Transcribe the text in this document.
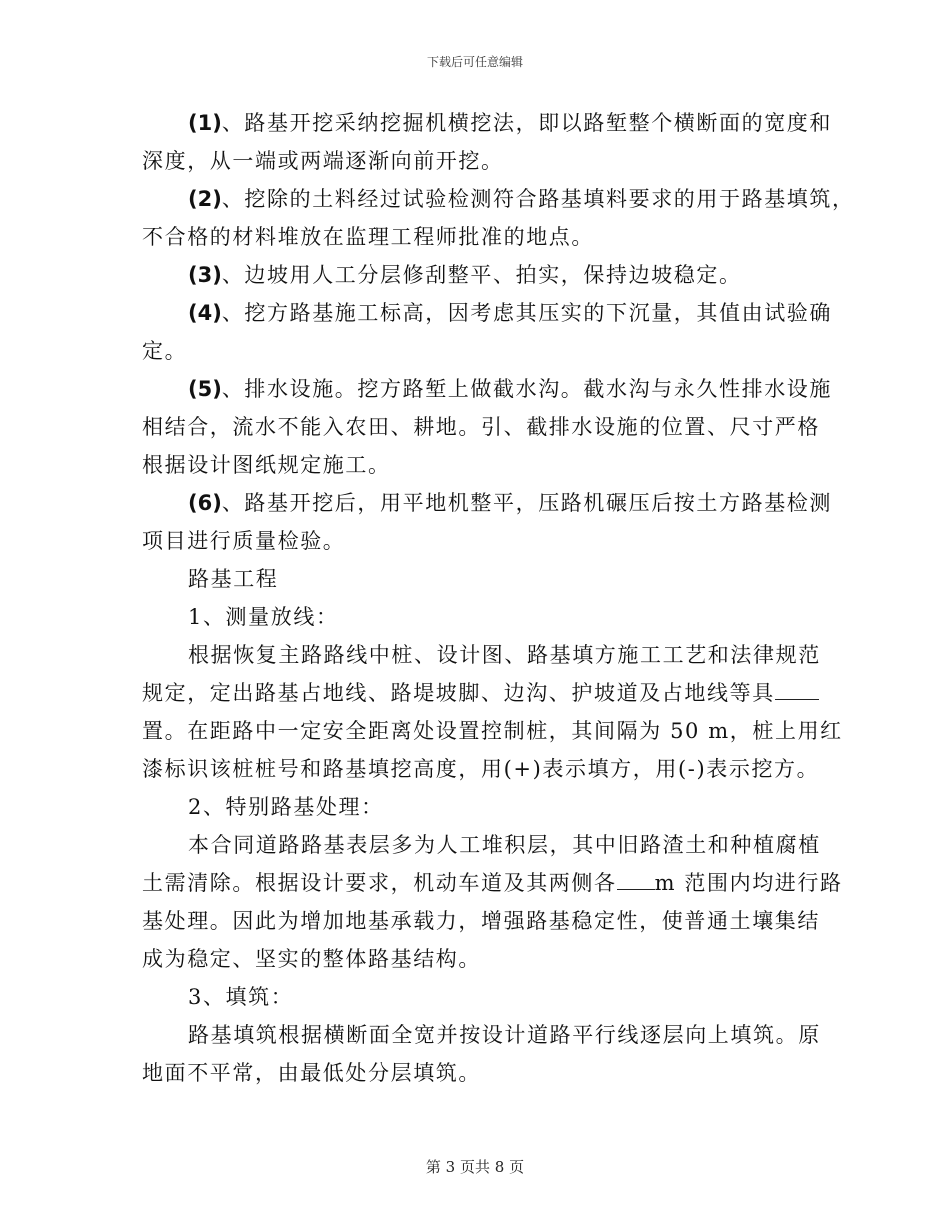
下载后可任意编辑
(1)、路基开挖采纳挖掘机横挖法，即以路堑整个横断面的宽度和
深度，从一端或两端逐渐向前开挖。
(2)、挖除的土料经过试验检测符合路基填料要求的用于路基填筑，
不合格的材料堆放在监理工程师批准的地点。
(3)、边坡用人工分层修刮整平、拍实，保持边坡稳定。
(4)、挖方路基施工标高，因考虑其压实的下沉量，其值由试验确
定。
(5)、排水设施。挖方路堑上做截水沟。截水沟与永久性排水设施
相结合，流水不能入农田、耕地。引、截排水设施的位置、尺寸严格
根据设计图纸规定施工。
(6)、路基开挖后，用平地机整平，压路机碾压后按土方路基检测
项目进行质量检验。
路基工程
1、测量放线：
根据恢复主路路线中桩、设计图、路基填方施工工艺和法律规范
规定，定出路基占地线、路堤坡脚、边沟、护坡道及占地线等具
置。在距路中一定安全距离处设置控制桩，其间隔为 50 m，桩上用红
漆标识该桩桩号和路基填挖高度，用(+)表示填方，用(-)表示挖方。
2、特别路基处理：
本合同道路路基表层多为人工堆积层，其中旧路渣土和种植腐植
土需清除。根据设计要求，机动车道及其两侧各 m 范围内均进行路
基处理。因此为增加地基承载力，增强路基稳定性，使普通土壤集结
成为稳定、坚实的整体路基结构。
3、填筑：
路基填筑根据横断面全宽并按设计道路平行线逐层向上填筑。原
地面不平常，由最低处分层填筑。
第 3 页共 8 页
